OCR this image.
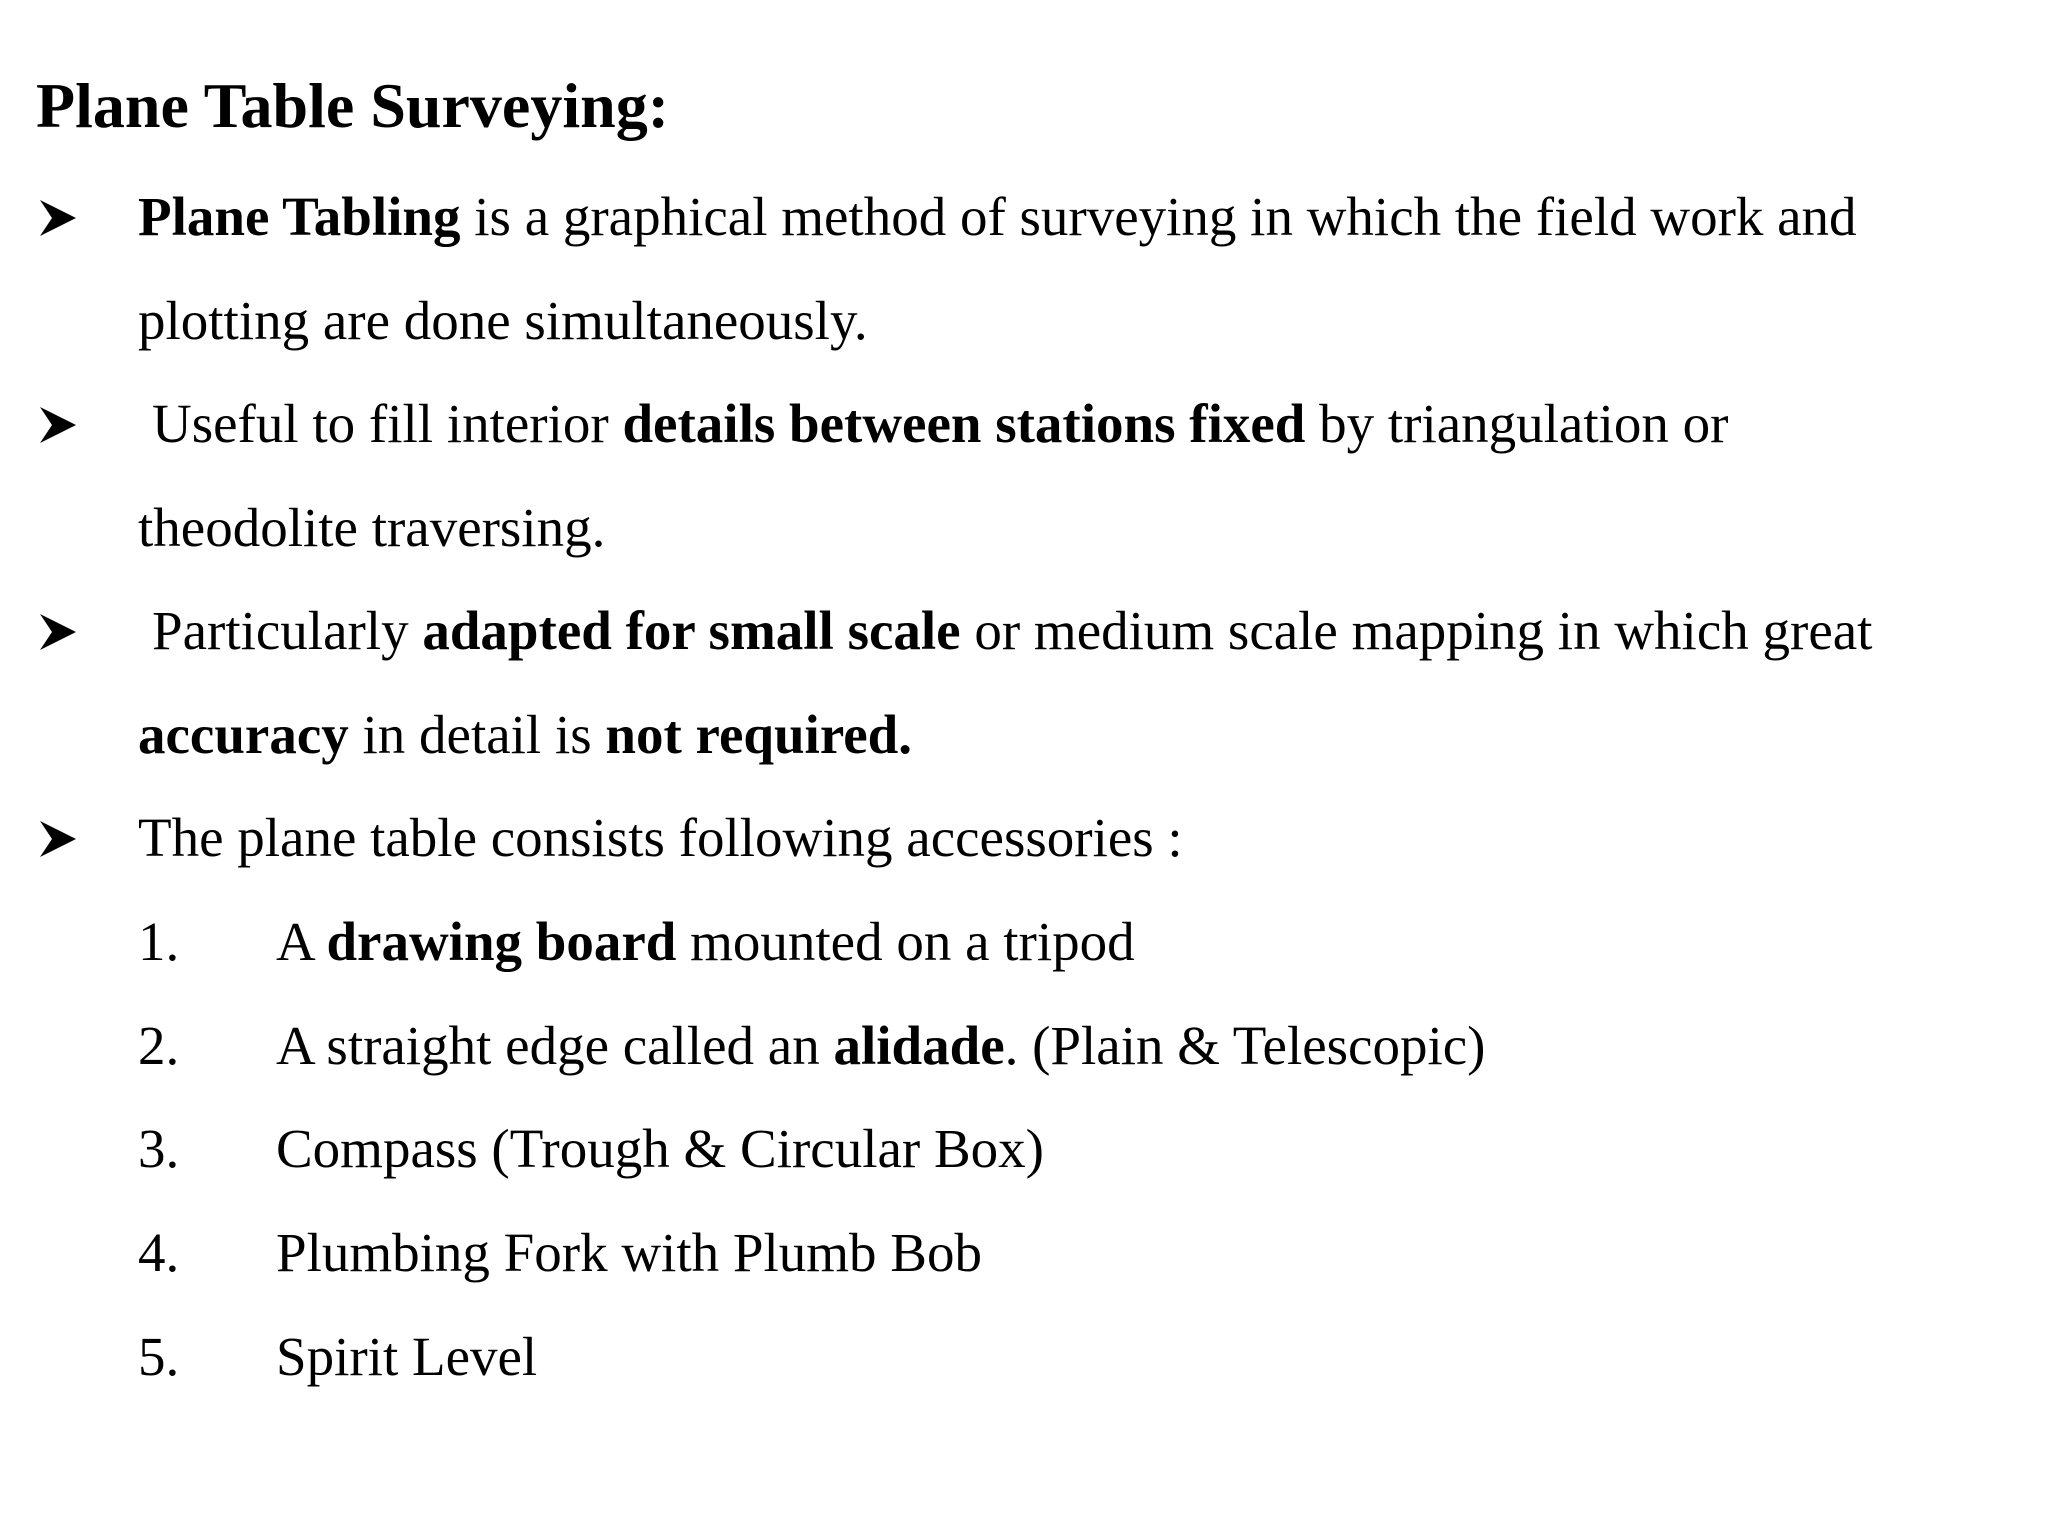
Plane Table Surveying:

Plane Tabling is a graphical method of surveying in which the field work and

plotting are done simultaneously.

Useful to fill interior details between stations fixed by triangulation or

theodolite traversing.

Particularly adapted for small scale or medium scale mapping in which great

accuracy in detail is not required.

The plane table consists following accessories :

1. A drawing board mounted on a tripod

2. A straight edge called an alidade. (Plain & Telescopic)

3. Compass (Trough & Circular Box)

4. Plumbing Fork with Plumb Bob

5. Spirit Level
